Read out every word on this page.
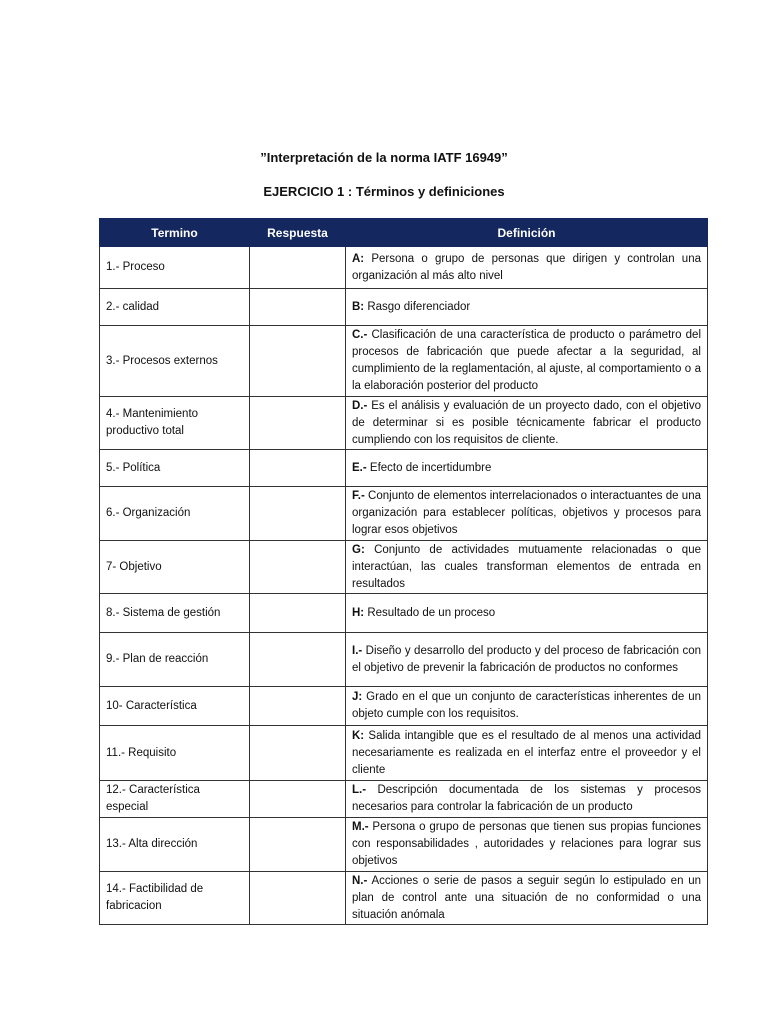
”Interpretación de la norma IATF 16949”
EJERCICIO 1 : Términos y definiciones
Termino	Respuesta	Definición
1.- Proceso		A: Persona o grupo de personas que dirigen y controlan una organización al más alto nivel
2.- calidad		B: Rasgo diferenciador
3.- Procesos externos		C.- Clasificación de una característica de producto o parámetro del procesos de fabricación que puede afectar a la seguridad, al cumplimiento de la reglamentación, al ajuste, al comportamiento o a la elaboración posterior del producto
4.- Mantenimiento productivo total		D.- Es el análisis y evaluación de un proyecto dado, con el objetivo de determinar si es posible técnicamente fabricar el producto cumpliendo con los requisitos de cliente.
5.- Política		E.- Efecto de incertidumbre
6.- Organización		F.- Conjunto de elementos interrelacionados o interactuantes de una organización para establecer políticas, objetivos y procesos para lograr esos objetivos
7- Objetivo		G: Conjunto de actividades mutuamente relacionadas o que interactúan, las cuales transforman elementos de entrada en resultados
8.- Sistema de gestión		H: Resultado de un proceso
9.- Plan de reacción		I.- Diseño y desarrollo del producto y del proceso de fabricación con el objetivo de prevenir la fabricación de productos no conformes
10- Característica		J: Grado en el que un conjunto de características inherentes de un objeto cumple con los requisitos.
11.- Requisito		K: Salida intangible que es el resultado de al menos una actividad necesariamente es realizada en el interfaz entre el proveedor y el cliente
12.- Característica especial		L.- Descripción documentada de los sistemas y procesos necesarios para controlar la fabricación de un producto
13.- Alta dirección		M.- Persona o grupo de personas que tienen sus propias funciones con responsabilidades , autoridades y relaciones para lograr sus objetivos
14.- Factibilidad de fabricacion		N.- Acciones o serie de pasos a seguir según lo estipulado en un plan de control ante una situación de no conformidad o una situación anómala
